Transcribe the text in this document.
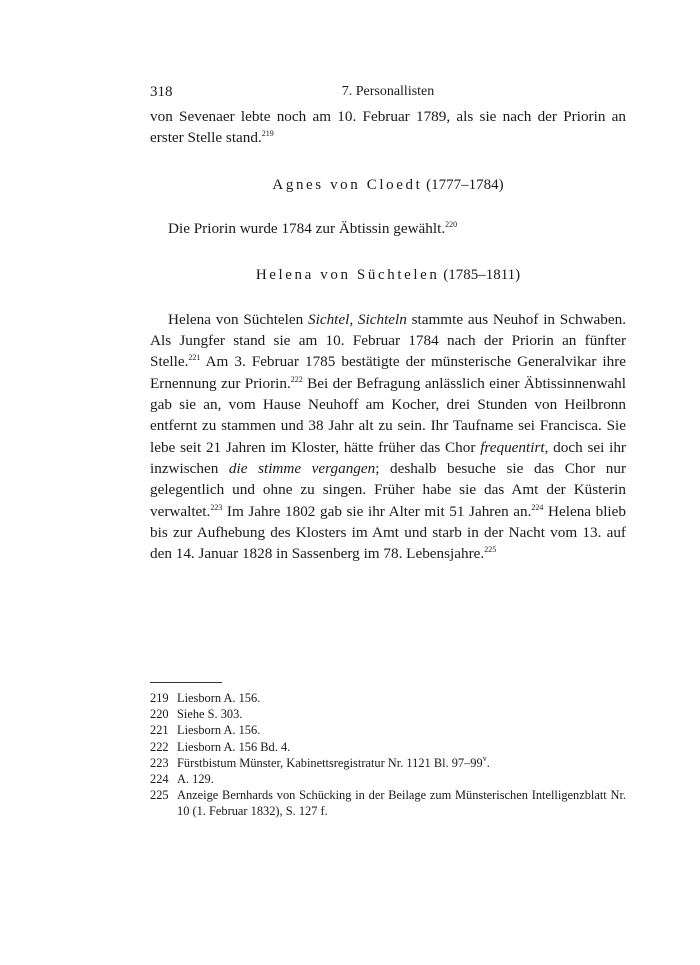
318	7. Personallisten

von Sevenaer lebte noch am 10. Februar 1789, als sie nach der Priorin an erster Stelle stand.$^{219}$

Agnes von Cloedt (1777–1784)

Die Priorin wurde 1784 zur Äbtissin gewählt.$^{220}$

Helena von Süchtelen (1785–1811)

Helena von Süchtelen Sichtel, Sichteln stammte aus Neuhof in Schwaben. Als Jungfer stand sie am 10. Februar 1784 nach der Priorin an fünfter Stelle.$^{221}$ Am 3. Februar 1785 bestätigte der münsterische Generalvikar ihre Ernennung zur Priorin.$^{222}$ Bei der Befragung anlässlich einer Äbtissinnenwahl gab sie an, vom Hause Neuhoff am Kocher, drei Stunden von Heilbronn entfernt zu stammen und 38 Jahr alt zu sein. Ihr Taufname sei Francisca. Sie lebe seit 21 Jahren im Kloster, hätte früher das Chor frequentirt, doch sei ihr inzwischen die stimme vergangen; deshalb besuche sie das Chor nur gelegentlich und ohne zu singen. Früher habe sie das Amt der Küsterin verwaltet.$^{223}$ Im Jahre 1802 gab sie ihr Alter mit 51 Jahren an.$^{224}$ Helena blieb bis zur Aufhebung des Klosters im Amt und starb in der Nacht vom 13. auf den 14. Januar 1828 in Sassenberg im 78. Lebensjahre.$^{225}$

219 Liesborn A. 156.
220 Siehe S. 303.
221 Liesborn A. 156.
222 Liesborn A. 156 Bd. 4.
223 Fürstbistum Münster, Kabinettsregistratur Nr. 1121 Bl. 97–99$^v$.
224 A. 129.
225 Anzeige Bernhards von Schücking in der Beilage zum Münsterischen Intelligenzblatt Nr. 10 (1. Februar 1832), S. 127 f.
